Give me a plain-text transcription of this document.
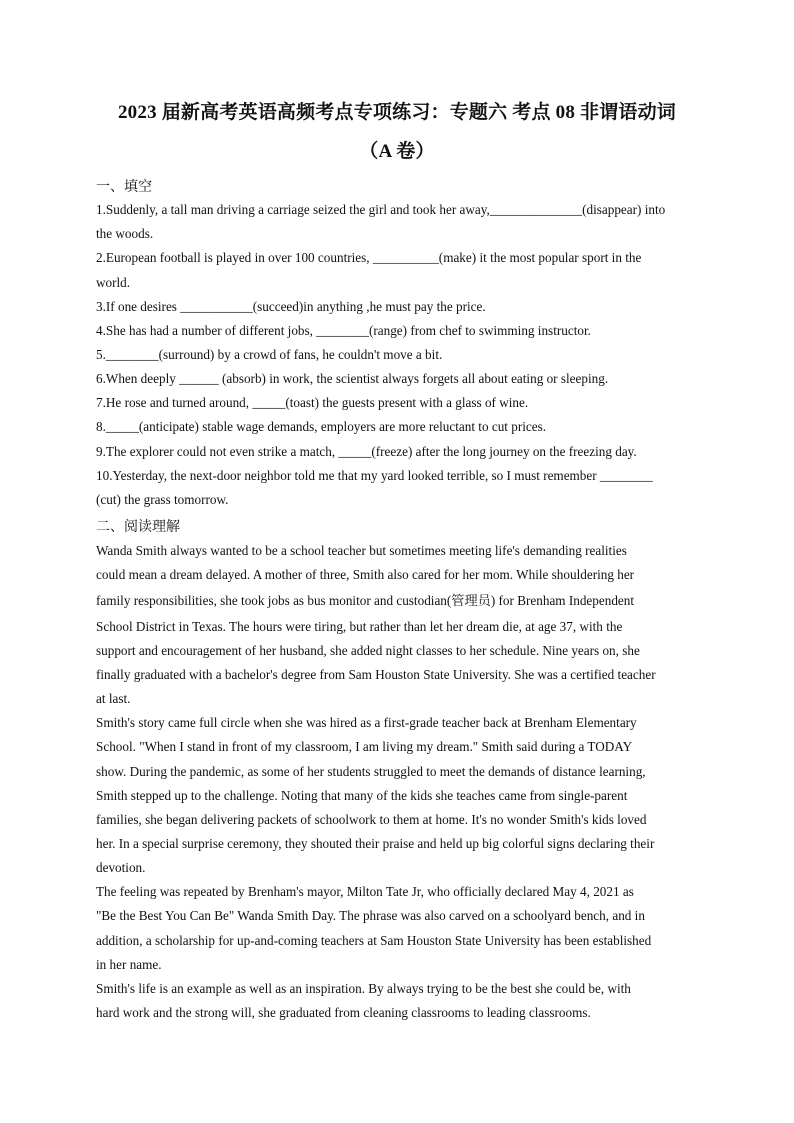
2023 届新高考英语高频考点专项练习：专题六 考点 08 非谓语动词
（A 卷）
一、填空
1.Suddenly, a tall man driving a carriage seized the girl and took her away,______________(disappear) into
the woods.
2.European football is played in over 100 countries, __________(make) it the most popular sport in the
world.
3.If one desires ___________(succeed)in anything ,he must pay the price.
4.She has had a number of different jobs, ________(range) from chef to swimming instructor.
5.________(surround) by a crowd of fans, he couldn't move a bit.
6.When deeply ______ (absorb) in work, the scientist always forgets all about eating or sleeping.
7.He rose and turned around, _____(toast) the guests present with a glass of wine.
8._____(anticipate) stable wage demands, employers are more reluctant to cut prices.
9.The explorer could not even strike a match, _____(freeze) after the long journey on the freezing day.
10.Yesterday, the next-door neighbor told me that my yard looked terrible, so I must remember ________
(cut) the grass tomorrow.
二、阅读理解
Wanda Smith always wanted to be a school teacher but sometimes meeting life's demanding realities
could mean a dream delayed. A mother of three, Smith also cared for her mom. While shouldering her
family responsibilities, she took jobs as bus monitor and custodian(管理员) for Brenham Independent
School District in Texas. The hours were tiring, but rather than let her dream die, at age 37, with the
support and encouragement of her husband, she added night classes to her schedule. Nine years on, she
finally graduated with a bachelor's degree from Sam Houston State University. She was a certified teacher
at last.
Smith's story came full circle when she was hired as a first-grade teacher back at Brenham Elementary
School. "When I stand in front of my classroom, I am living my dream." Smith said during a TODAY
show. During the pandemic, as some of her students struggled to meet the demands of distance learning,
Smith stepped up to the challenge. Noting that many of the kids she teaches came from single-parent
families, she began delivering packets of schoolwork to them at home. It's no wonder Smith's kids loved
her. In a special surprise ceremony, they shouted their praise and held up big colorful signs declaring their
devotion.
The feeling was repeated by Brenham's mayor, Milton Tate Jr, who officially declared May 4, 2021 as
"Be the Best You Can Be" Wanda Smith Day. The phrase was also carved on a schoolyard bench, and in
addition, a scholarship for up-and-coming teachers at Sam Houston State University has been established
in her name.
Smith's life is an example as well as an inspiration. By always trying to be the best she could be, with
hard work and the strong will, she graduated from cleaning classrooms to leading classrooms.
